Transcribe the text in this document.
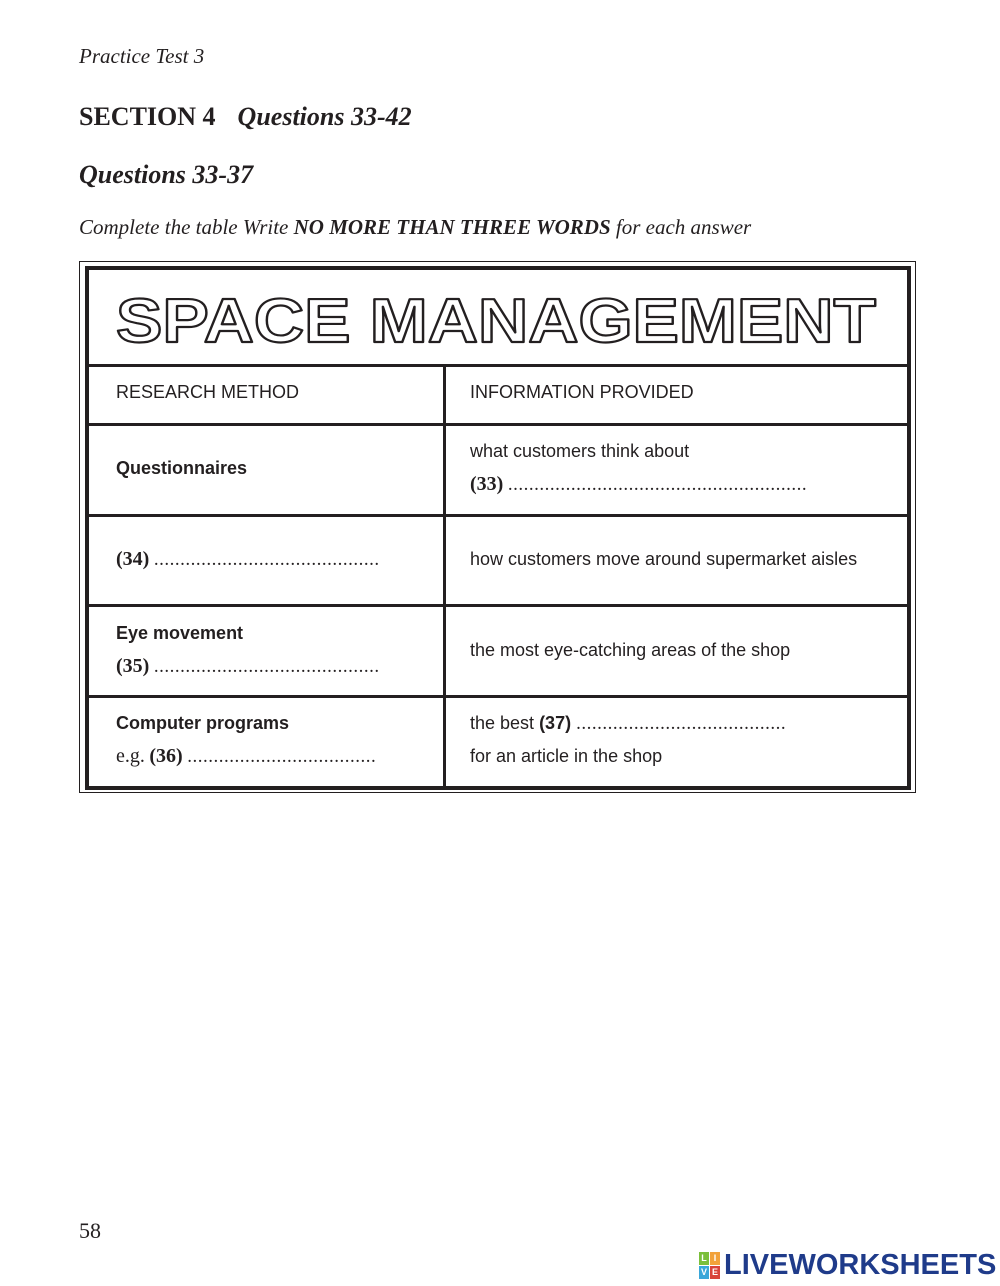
Practice Test 3
SECTION 4 Questions 33-42
Questions 33-37
Complete the table Write NO MORE THAN THREE WORDS for each answer
SPACE MANAGEMENT
RESEARCH METHOD	INFORMATION PROVIDED
Questionnaires
what customers think about
(33) .........................................................
(34) ...........................................	how customers move around supermarket aisles
Eye movement
(35) ...........................................
the most eye-catching areas of the shop
Computer programs
e.g. (36) ....................................
the best (37) ........................................
for an article in the shop
58
L I
V E LIVEWORKSHEETS
